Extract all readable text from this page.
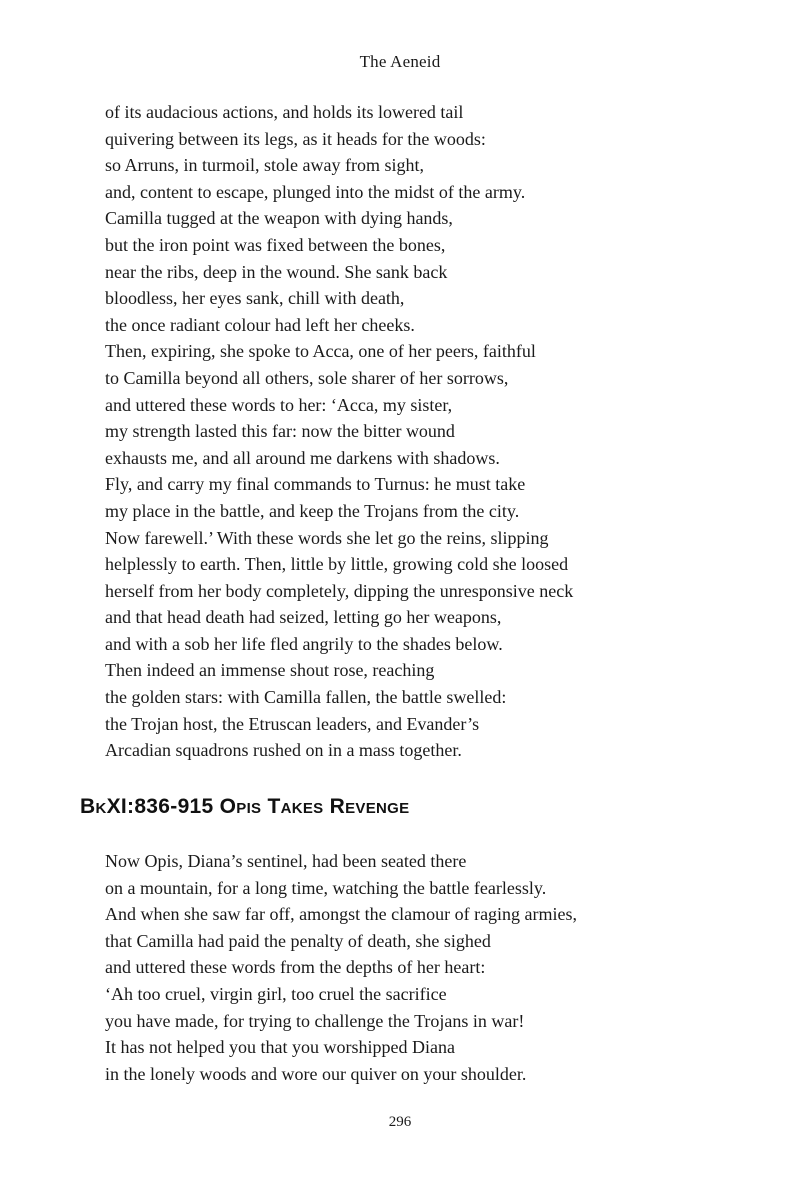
The Aeneid
of its audacious actions, and holds its lowered tail
quivering between its legs, as it heads for the woods:
so Arruns, in turmoil, stole away from sight,
and, content to escape, plunged into the midst of the army.
Camilla tugged at the weapon with dying hands,
but the iron point was fixed between the bones,
near the ribs, deep in the wound. She sank back
bloodless, her eyes sank, chill with death,
the once radiant colour had left her cheeks.
Then, expiring, she spoke to Acca, one of her peers, faithful
to Camilla beyond all others, sole sharer of her sorrows,
and uttered these words to her: ‘Acca, my sister,
my strength lasted this far: now the bitter wound
exhausts me, and all around me darkens with shadows.
Fly, and carry my final commands to Turnus: he must take
my place in the battle, and keep the Trojans from the city.
Now farewell.’ With these words she let go the reins, slipping
helplessly to earth. Then, little by little, growing cold she loosed
herself from her body completely, dipping the unresponsive neck
and that head death had seized, letting go her weapons,
and with a sob her life fled angrily to the shades below.
Then indeed an immense shout rose, reaching
the golden stars: with Camilla fallen, the battle swelled:
the Trojan host, the Etruscan leaders, and Evander’s
Arcadian squadrons rushed on in a mass together.
BkXI:836-915 Opis Takes Revenge
Now Opis, Diana’s sentinel, had been seated there
on a mountain, for a long time, watching the battle fearlessly.
And when she saw far off, amongst the clamour of raging armies,
that Camilla had paid the penalty of death, she sighed
and uttered these words from the depths of her heart:
‘Ah too cruel, virgin girl, too cruel the sacrifice
you have made, for trying to challenge the Trojans in war!
It has not helped you that you worshipped Diana
in the lonely woods and wore our quiver on your shoulder.
296
